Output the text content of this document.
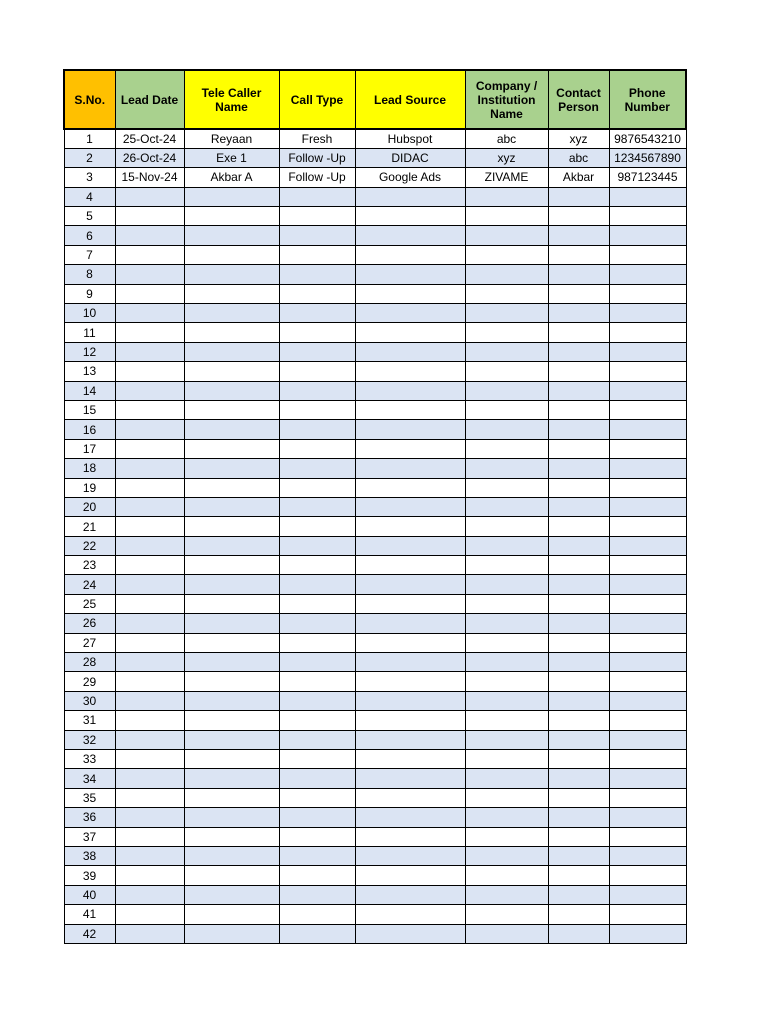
S.No.	Lead Date	Tele Caller Name	Call Type	Lead Source	Company / Institution Name	Contact Person	Phone Number
1	25-Oct-24	Reyaan	Fresh	Hubspot	abc	xyz	9876543210
2	26-Oct-24	Exe 1	Follow -Up	DIDAC	xyz	abc	1234567890
3	15-Nov-24	Akbar A	Follow -Up	Google Ads	ZIVAME	Akbar	987123445
4							
5							
6							
7							
8							
9							
10							
11							
12							
13							
14							
15							
16							
17							
18							
19							
20							
21							
22							
23							
24							
25							
26							
27							
28							
29							
30							
31							
32							
33							
34							
35							
36							
37							
38							
39							
40							
41							
42							
